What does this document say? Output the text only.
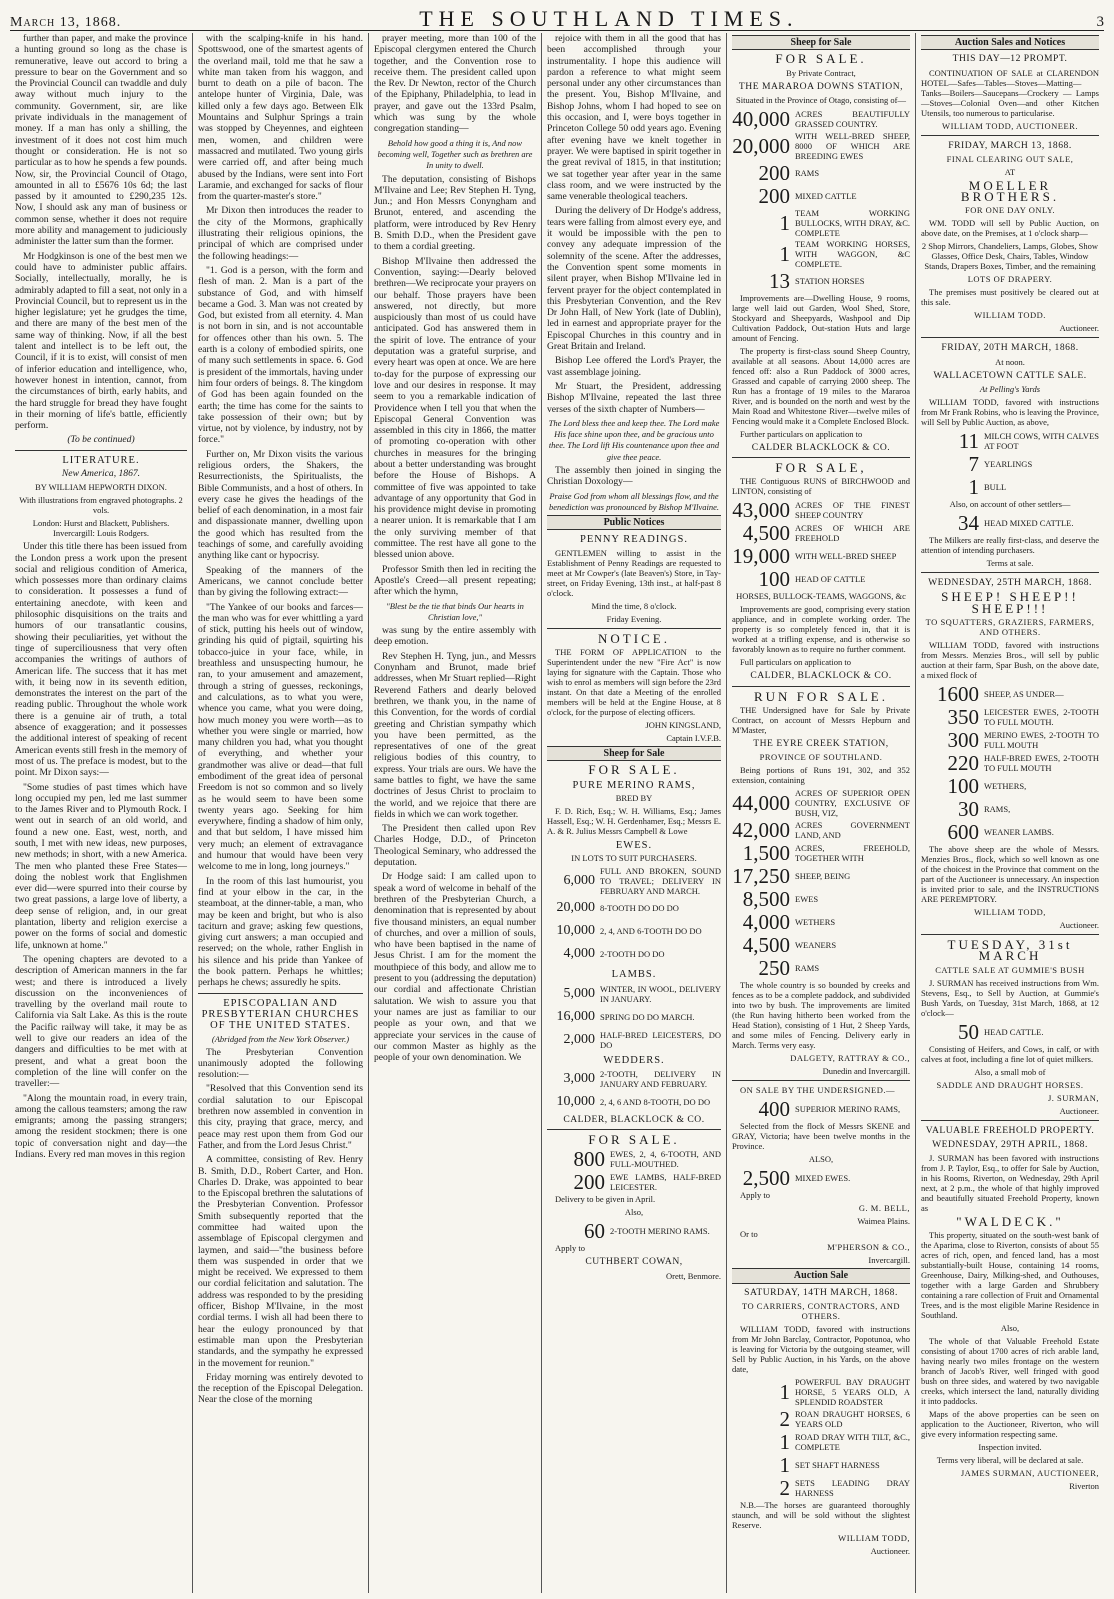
March 13, 1868.	THE SOUTHLAND TIMES.	3

further than paper, and make the province a hunting ground so long as the chase is remunerative, leave out accord to bring a pressure to bear on the Government and so the Provincial Council can twaddle and duly away without much injury to the community. Government, sir, are like private individuals in the management of money. If a man has only a shilling, the investment of it does not cost him much thought or consideration. He is not so particular as to how he spends a few pounds. Now, sir, the Provincial Council of Otago, amounted in all to £5676 10s 6d; the last passed by it amounted to £290,235 12s. Now, I should ask any man of business or common sense, whether it does not require more ability and management to judiciously administer the latter sum than the former.

Mr Hodgkinson is one of the best men we could have to administer public affairs. Socially, intellectually, morally, he is admirably adapted to fill a seat, not only in a Provincial Council, but to represent us in the higher legislature; yet he grudges the time, and there are many of the best men of the same way of thinking. Now, if all the best talent and intellect is to be left out, the Council, if it is to exist, will consist of men of inferior education and intelligence, who, however honest in intention, cannot, from the circumstances of birth, early habits, and the hard struggle for bread they have fought in their morning of life's battle, efficiently perform.

(To be continued)

LITERATURE.

New America, 1867.

BY WILLIAM HEPWORTH DIXON.

With illustrations from engraved photographs. 2 vols.

London: Hurst and Blackett, Publishers. Invercargill: Louis Rodgers.

Under this title there has been issued from the London press a work upon the present social and religious condition of America, which possesses more than ordinary claims to consideration. It possesses a fund of entertaining anecdote, with keen and philosophic disquisitions on the traits and humors of our transatlantic cousins, showing their peculiarities, yet without the tinge of superciliousness that very often accompanies the writings of authors of American life. The success that it has met with, it being now in its seventh edition, demonstrates the interest on the part of the reading public. Throughout the whole work there is a genuine air of truth, a total absence of exaggeration; and it possesses the additional interest of speaking of recent American events still fresh in the memory of most of us. The preface is modest, but to the point. Mr Dixon says:—

"Some studies of past times which have long occupied my pen, led me last summer to the James River and to Plymouth Rock. I went out in search of an old world, and found a new one. East, west, north, and south, I met with new ideas, new purposes, new methods; in short, with a new America. The men who planted these Free States—doing the noblest work that Englishmen ever did—were spurred into their course by two great passions, a large love of liberty, a deep sense of religion, and, in our great plantation, liberty and religion exercise a power on the forms of social and domestic life, unknown at home."

The opening chapters are devoted to a description of American manners in the far west; and there is introduced a lively discussion on the inconveniences of travelling by the overland mail route to California via Salt Lake. As this is the route the Pacific railway will take, it may be as well to give our readers an idea of the dangers and difficulties to be met with at present, and what a great boon the completion of the line will confer on the traveller:—

"Along the mountain road, in every train, among the callous teamsters; among the raw emigrants; among the passing strangers; among the resident stockmen; there is one topic of conversation night and day—the Indians. Every red man moves in this region

with the scalping-knife in his hand. Spottswood, one of the smartest agents of the overland mail, told me that he saw a white man taken from his waggon, and burnt to death on a pile of bacon. The antelope hunter of Virginia, Dale, was killed only a few days ago. Between Elk Mountains and Sulphur Springs a train was stopped by Cheyennes, and eighteen men, women, and children were massacred and mutilated. Two young girls were carried off, and after being much abused by the Indians, were sent into Fort Laramie, and exchanged for sacks of flour from the quarter-master's store."

Mr Dixon then introduces the reader to the city of the Mormons, graphically illustrating their religious opinions, the principal of which are comprised under the following headings:—

"1. God is a person, with the form and flesh of man. 2. Man is a part of the substance of God, and with himself became a God. 3. Man was not created by God, but existed from all eternity. 4. Man is not born in sin, and is not accountable for offences other than his own. 5. The earth is a colony of embodied spirits, one of many such settlements in space. 6. God is president of the immortals, having under him four orders of beings. 8. The kingdom of God has been again founded on the earth; the time has come for the saints to take possession of their own; but by virtue, not by violence, by industry, not by force."

Further on, Mr Dixon visits the various religious orders, the Shakers, the Resurrectionists, the Spiritualists, the Bible Communists, and a host of others. In every case he gives the headings of the belief of each denomination, in a most fair and dispassionate manner, dwelling upon the good which has resulted from the teachings of some, and carefully avoiding anything like cant or hypocrisy.

Speaking of the manners of the Americans, we cannot conclude better than by giving the following extract:—

"The Yankee of our books and farces—the man who was for ever whittling a yard of stick, putting his heels out of window, grinding his quid of pigtail, squirting his tobacco-juice in your face, while, in breathless and unsuspecting humour, he ran, to your amusement and amazement, through a string of guesses, reckonings, and calculations, as to what you were, whence you came, what you were doing, how much money you were worth—as to whether you were single or married, how many children you had, what you thought of everything, and whether your grandmother was alive or dead—that full embodiment of the great idea of personal Freedom is not so common and so lively as he would seem to have been some twenty years ago. Seeking for him everywhere, finding a shadow of him only, and that but seldom, I have missed him very much; an element of extravagance and humour that would have been very welcome to me in long, long journeys."

In the room of this last humourist, you find at your elbow in the car, in the steamboat, at the dinner-table, a man, who may be keen and bright, but who is also taciturn and grave; asking few questions, giving curt answers; a man occupied and reserved; on the whole, rather English in his silence and his pride than Yankee of the book pattern. Perhaps he whittles; perhaps he chews; assuredly he spits.

EPISCOPALIAN AND PRESBYTERIAN CHURCHES OF THE UNITED STATES.

(Abridged from the New York Observer.)

The Presbyterian Convention unanimously adopted the following resolution:—

"Resolved that this Convention send its cordial salutation to our Episcopal brethren now assembled in convention in this city, praying that grace, mercy, and peace may rest upon them from God our Father, and from the Lord Jesus Christ."

A committee, consisting of Rev. Henry B. Smith, D.D., Robert Carter, and Hon. Charles D. Drake, was appointed to bear to the Episcopal brethren the salutations of the Presbyterian Convention. Professor Smith subsequently reported that the committee had waited upon the assemblage of Episcopal clergymen and laymen, and said—"the business before them was suspended in order that we might be received. We expressed to them our cordial felicitation and salutation. The address was responded to by the presiding officer, Bishop M'Ilvaine, in the most cordial terms. I wish all had been there to hear the eulogy pronounced by that estimable man upon the Presbyterian standards, and the sympathy he expressed in the movement for reunion."

Friday morning was entirely devoted to the reception of the Episcopal Delegation. Near the close of the morning

prayer meeting, more than 100 of the Episcopal clergymen entered the Church together, and the Convention rose to receive them. The president called upon the Rev. Dr Newton, rector of the Church of the Epiphany, Philadelphia, to lead in prayer, and gave out the 133rd Psalm, which was sung by the whole congregation standing—

Behold how good a thing it is, And now becoming well, Together such as brethren are In unity to dwell.

The deputation, consisting of Bishops M'Ilvaine and Lee; Rev Stephen H. Tyng, Jun.; and Hon Messrs Conyngham and Brunot, entered, and ascending the platform, were introduced by Rev Henry B. Smith D.D., when the President gave to them a cordial greeting.

Bishop M'Ilvaine then addressed the Convention, saying:—Dearly beloved brethren—We reciprocate your prayers on our behalf. Those prayers have been answered, not directly, but more auspiciously than most of us could have anticipated. God has answered them in the spirit of love. The entrance of your deputation was a grateful surprise, and every heart was open at once. We are here to-day for the purpose of expressing our love and our desires in response. It may seem to you a remarkable indication of Providence when I tell you that when the Episcopal General Convention was assembled in this city in 1866, the matter of promoting co-operation with other churches in measures for the bringing about a better understanding was brought before the House of Bishops. A committee of five was appointed to take advantage of any opportunity that God in his providence might devise in promoting a nearer union. It is remarkable that I am the only surviving member of that committee. The rest have all gone to the blessed union above.

Professor Smith then led in reciting the Apostle's Creed—all present repeating; after which the hymn,

"Blest be the tie that binds Our hearts in Christian love,"

was sung by the entire assembly with deep emotion.

Rev Stephen H. Tyng, jun., and Messrs Conynham and Brunot, made brief addresses, when Mr Stuart replied—Right Reverend Fathers and dearly beloved brethren, we thank you, in the name of this Convention, for the words of cordial greeting and Christian sympathy which you have been permitted, as the representatives of one of the great religious bodies of this country, to express. Your trials are ours. We have the same battles to fight, we have the same doctrines of Jesus Christ to proclaim to the world, and we rejoice that there are fields in which we can work together.

The President then called upon Rev Charles Hodge, D.D., of Princeton Theological Seminary, who addressed the deputation.

Dr Hodge said: I am called upon to speak a word of welcome in behalf of the brethren of the Presbyterian Church, a denomination that is represented by about five thousand ministers, an equal number of churches, and over a million of souls, who have been baptised in the name of Jesus Christ. I am for the moment the mouthpiece of this body, and allow me to present to you (addressing the deputation) our cordial and affectionate Christian salutation. We wish to assure you that your names are just as familiar to our people as your own, and that we appreciate your services in the cause of our common Master as highly as the people of your own denomination. We

rejoice with them in all the good that has been accomplished through your instrumentality. I hope this audience will pardon a reference to what might seem personal under any other circumstances than the present. You, Bishop M'Ilvaine, and Bishop Johns, whom I had hoped to see on this occasion, and I, were boys together in Princeton College 50 odd years ago. Evening after evening have we knelt together in prayer. We were baptised in spirit together in the great revival of 1815, in that institution; we sat together year after year in the same class room, and we were instructed by the same venerable theological teachers.

During the delivery of Dr Hodge's address, tears were falling from almost every eye, and it would be impossible with the pen to convey any adequate impression of the solemnity of the scene. After the addresses, the Convention spent some moments in silent prayer, when Bishop M'Ilvaine led in fervent prayer for the object contemplated in this Presbyterian Convention, and the Rev Dr John Hall, of New York (late of Dublin), led in earnest and appropriate prayer for the Episcopal Churches in this country and in Great Britain and Ireland.

Bishop Lee offered the Lord's Prayer, the vast assemblage joining.

Mr Stuart, the President, addressing Bishop M'Ilvaine, repeated the last three verses of the sixth chapter of Numbers—

The Lord bless thee and keep thee. The Lord make His face shine upon thee, and be gracious unto thee. The Lord lift His countenance upon thee and give thee peace.

The assembly then joined in singing the Christian Doxology—

Praise God from whom all blessings flow, and the benediction was pronounced by Bishop M'Ilvaine.

Public Notices
PENNY READINGS.

GENTLEMEN willing to assist in the Establishment of Penny Readings are requested to meet at Mr Cowper's (late Beaven's) Store, in Tay-street, on Friday Evening, 13th inst., at half-past 8 o'clock.

Mind the time, 8 o'clock.

Friday Evening.

NOTICE.

THE FORM OF APPLICATION to the Superintendent under the new "Fire Act" is now laying for signature with the Captain. Those who wish to enrol as members will sign before the 23rd instant. On that date a Meeting of the enrolled members will be held at the Engine House, at 8 o'clock, for the purpose of electing officers.

JOHN KINGSLAND,

Captain I.V.F.B.

Sheep for Sale
FOR SALE.
PURE MERINO RAMS,

BRED BY

F. D. Rich, Esq.; W. H. Williams, Esq.; James Hassell, Esq.; W. H. Gerdenhamer, Esq.; Messrs E. A. & R. Julius Messrs Campbell & Lowe

EWES.

IN LOTS TO SUIT PURCHASERS.

6,000
FULL AND BROKEN, SOUND TO TRAVEL; DELIVERY IN FEBRUARY AND MARCH.
20,000 8-TOOTH DO DO DO
10,000 2, 4, AND 6-TOOTH DO DO
4,000 2-TOOTH DO DO
LAMBS.
5,000 WINTER, IN WOOL, DELIVERY IN JANUARY.
16,000 SPRING DO DO MARCH.
2,000 HALF-BRED LEICESTERS, DO DO
WEDDERS.
3,000 2-TOOTH, DELIVERY IN JANUARY AND FEBRUARY.
10,000 2, 4, 6 AND 8-TOOTH, DO DO

CALDER, BLACKLOCK & CO.

FOR SALE.
800 EWES, 2, 4, 6-TOOTH, AND FULL-MOUTHED.
200 EWE LAMBS, HALF-BRED LEICESTER.

Delivery to be given in April.

Also,

60 2-TOOTH MERINO RAMS.

Apply to

CUTHBERT COWAN,

Orett, Benmore.

Sheep for Sale
FOR SALE.

By Private Contract,

THE MARAROA DOWNS STATION,

Situated in the Province of Otago, consisting of—

40,000 ACRES BEAUTIFULLY GRASSED COUNTRY.
20,000 WITH WELL-BRED SHEEP, 8000 OF WHICH ARE BREEDING EWES
200 RAMS
200 MIXED CATTLE
1 TEAM WORKING BULLOCKS, WITH DRAY, &C. COMPLETE
1 TEAM WORKING HORSES, WITH WAGGON, &C COMPLETE.
13 STATION HORSES

Improvements are—Dwelling House, 9 rooms, large well laid out Garden, Wool Shed, Store, Stockyard and Sheepyards, Washpool and Dip Cultivation Paddock, Out-station Huts and large amount of Fencing.

The property is first-class sound Sheep Country, available at all seasons. About 14,000 acres are fenced off: also a Run Paddock of 3000 acres, Grassed and capable of carrying 2000 sheep. The Run has a frontage of 19 miles to the Mararoa River, and is bounded on the north and west by the Main Road and Whitestone River—twelve miles of Fencing would make it a Complete Enclosed Block.

Further particulars on application to

CALDER BLACKLOCK & CO.

FOR SALE,

THE Contiguous RUNS of BIRCHWOOD and LINTON, consisting of

43,000 ACRES OF THE FINEST SHEEP COUNTRY
4,500 ACRES OF WHICH ARE FREEHOLD
19,000 WITH WELL-BRED SHEEP
100 HEAD OF CATTLE

HORSES, BULLOCK-TEAMS, WAGGONS, &c

Improvements are good, comprising every station appliance, and in complete working order. The property is so completely fenced in, that it is worked at a trifling expense, and is otherwise so favorably known as to require no further comment.

Full particulars on application to

CALDER, BLACKLOCK & CO.

RUN FOR SALE.

THE Undersigned have for Sale by Private Contract, on account of Messrs Hepburn and M'Master,

THE EYRE CREEK STATION,

PROVINCE OF SOUTHLAND.

Being portions of Runs 191, 302, and 352 extension, containing

44,000 ACRES OF SUPERIOR OPEN COUNTRY, EXCLUSIVE OF BUSH, VIZ,
42,000 ACRES GOVERNMENT LAND, AND
1,500 ACRES, FREEHOLD, TOGETHER WITH
17,250 SHEEP, BEING
8,500 EWES
4,000 WETHERS
4,500 WEANERS
250 RAMS

The whole country is so bounded by creeks and fences as to be a complete paddock, and subdivided into two by bush. The improvements are limited (the Run having hitherto been worked from the Head Station), consisting of 1 Hut, 2 Sheep Yards, and some miles of Fencing. Delivery early in March. Terms very easy.

DALGETY, RATTRAY & CO.,

Dunedin and Invercargill.

ON SALE BY THE UNDERSIGNED.—

400 SUPERIOR MERINO RAMS,

Selected from the flock of Messrs SKENE and GRAY, Victoria; have been twelve months in the Province.

ALSO,

2,500 MIXED EWES.

Apply to

G. M. BELL,

Waimea Plains.

Or to

M'PHERSON & CO.,

Invercargill.

Auction Sale

SATURDAY, 14TH MARCH, 1868.

TO CARRIERS, CONTRACTORS, AND OTHERS.

WILLIAM TODD, favored with instructions from Mr John Barclay, Contractor, Popotunoa, who is leaving for Victoria by the outgoing steamer, will Sell by Public Auction, in his Yards, on the above date,

1 POWERFUL BAY DRAUGHT HORSE, 5 YEARS OLD, A SPLENDID ROADSTER
2 ROAN DRAUGHT HORSES, 6 YEARS OLD
1 ROAD DRAY WITH TILT, &C., COMPLETE
1 SET SHAFT HARNESS
2 SETS LEADING DRAY HARNESS

N.B.—The horses are guaranteed thoroughly staunch, and will be sold without the slightest Reserve.

WILLIAM TODD,

Auctioneer.

Auction Sales and Notices

THIS DAY—12 PROMPT.

CONTINUATION OF SALE at CLARENDON HOTEL—Safes—Tables—Stoves—Matting—Tanks—Boilers—Saucepans—Crockery — Lamps —Stoves—Colonial Oven—and other Kitchen Utensils, too numerous to particularise.

WILLIAM TODD, AUCTIONEER.

FRIDAY, MARCH 13, 1868.

FINAL CLEARING OUT SALE,

AT

MOELLER BROTHERS.

FOR ONE DAY ONLY.

WM. TODD will sell by Public Auction, on above date, on the Premises, at 1 o'clock sharp—

2 Shop Mirrors, Chandeliers, Lamps, Globes, Show Glasses, Office Desk, Chairs, Tables, Window Stands, Drapers Boxes, Timber, and the remaining

LOTS OF DRAPERY.

The premises must positively be cleared out at this sale.

WILLIAM TODD.

Auctioneer.

FRIDAY, 20TH MARCH, 1868.

At noon.

WALLACETOWN CATTLE SALE.

At Pelling's Yards

WILLIAM TODD, favored with instructions from Mr Frank Robins, who is leaving the Province, will Sell by Public Auction, as above,

11 MILCH COWS, WITH CALVES AT FOOT
7 YEARLINGS
1 BULL

Also, on account of other settlers—

34 HEAD MIXED CATTLE.

The Milkers are really first-class, and deserve the attention of intending purchasers.

Terms at sale.

WEDNESDAY, 25TH MARCH, 1868.

SHEEP! SHEEP!! SHEEP!!!

TO SQUATTERS, GRAZIERS, FARMERS, AND OTHERS.

WILLIAM TODD, favored with instructions from Messrs. Menzies Bros., will sell by public auction at their farm, Spar Bush, on the above date, a mixed flock of

1600 SHEEP, AS UNDER—
350 LEICESTER EWES, 2-TOOTH TO FULL MOUTH.
300 MERINO EWES, 2-TOOTH TO FULL MOUTH
220 HALF-BRED EWES, 2-TOOTH TO FULL MOUTH
100 WETHERS,
30 RAMS,
600 WEANER LAMBS.

The above sheep are the whole of Messrs. Menzies Bros., flock, which so well known as one of the choicest in the Province that comment on the part of the Auctioneer is unnecessary. An inspection is invited prior to sale, and the INSTRUCTIONS ARE PEREMPTORY.

WILLIAM TODD,

Auctioneer.

TUESDAY, 31st MARCH

CATTLE SALE AT GUMMIE'S BUSH

J. SURMAN has received instructions from Wm. Stevens, Esq., to Sell by Auction, at Gummie's Bush Yards, on Tuesday, 31st March, 1868, at 12 o'clock—

50 HEAD CATTLE.

Consisting of Heifers, and Cows, in calf, or with calves at foot, including a fine lot of quiet milkers.

Also, a small mob of

SADDLE AND DRAUGHT HORSES.

J. SURMAN,

Auctioneer.

VALUABLE FREEHOLD PROPERTY.

WEDNESDAY, 29TH APRIL, 1868.

J. SURMAN has been favored with instructions from J. P. Taylor, Esq., to offer for Sale by Auction, in his Rooms, Riverton, on Wednesday, 29th April next, at 2 p.m., the whole of that highly improved and beautifully situated Freehold Property, known as

"WALDECK."

This property, situated on the south-west bank of the Aparima, close to Riverton, consists of about 55 acres of rich, open, and fenced land, has a most substantially-built House, containing 14 rooms, Greenhouse, Dairy, Milking-shed, and Outhouses, together with a large Garden and Shrubbery containing a rare collection of Fruit and Ornamental Trees, and is the most eligible Marine Residence in Southland.

Also,

The whole of that Valuable Freehold Estate consisting of about 1700 acres of rich arable land, having nearly two miles frontage on the western branch of Jacob's River, well fringed with good bush on three sides, and watered by two navigable creeks, which intersect the land, naturally dividing it into paddocks.

Maps of the above properties can be seen on application to the Auctioneer, Riverton, who will give every information respecting same.

Inspection invited.

Terms very liberal, will be declared at sale.

JAMES SURMAN, AUCTIONEER,

Riverton
